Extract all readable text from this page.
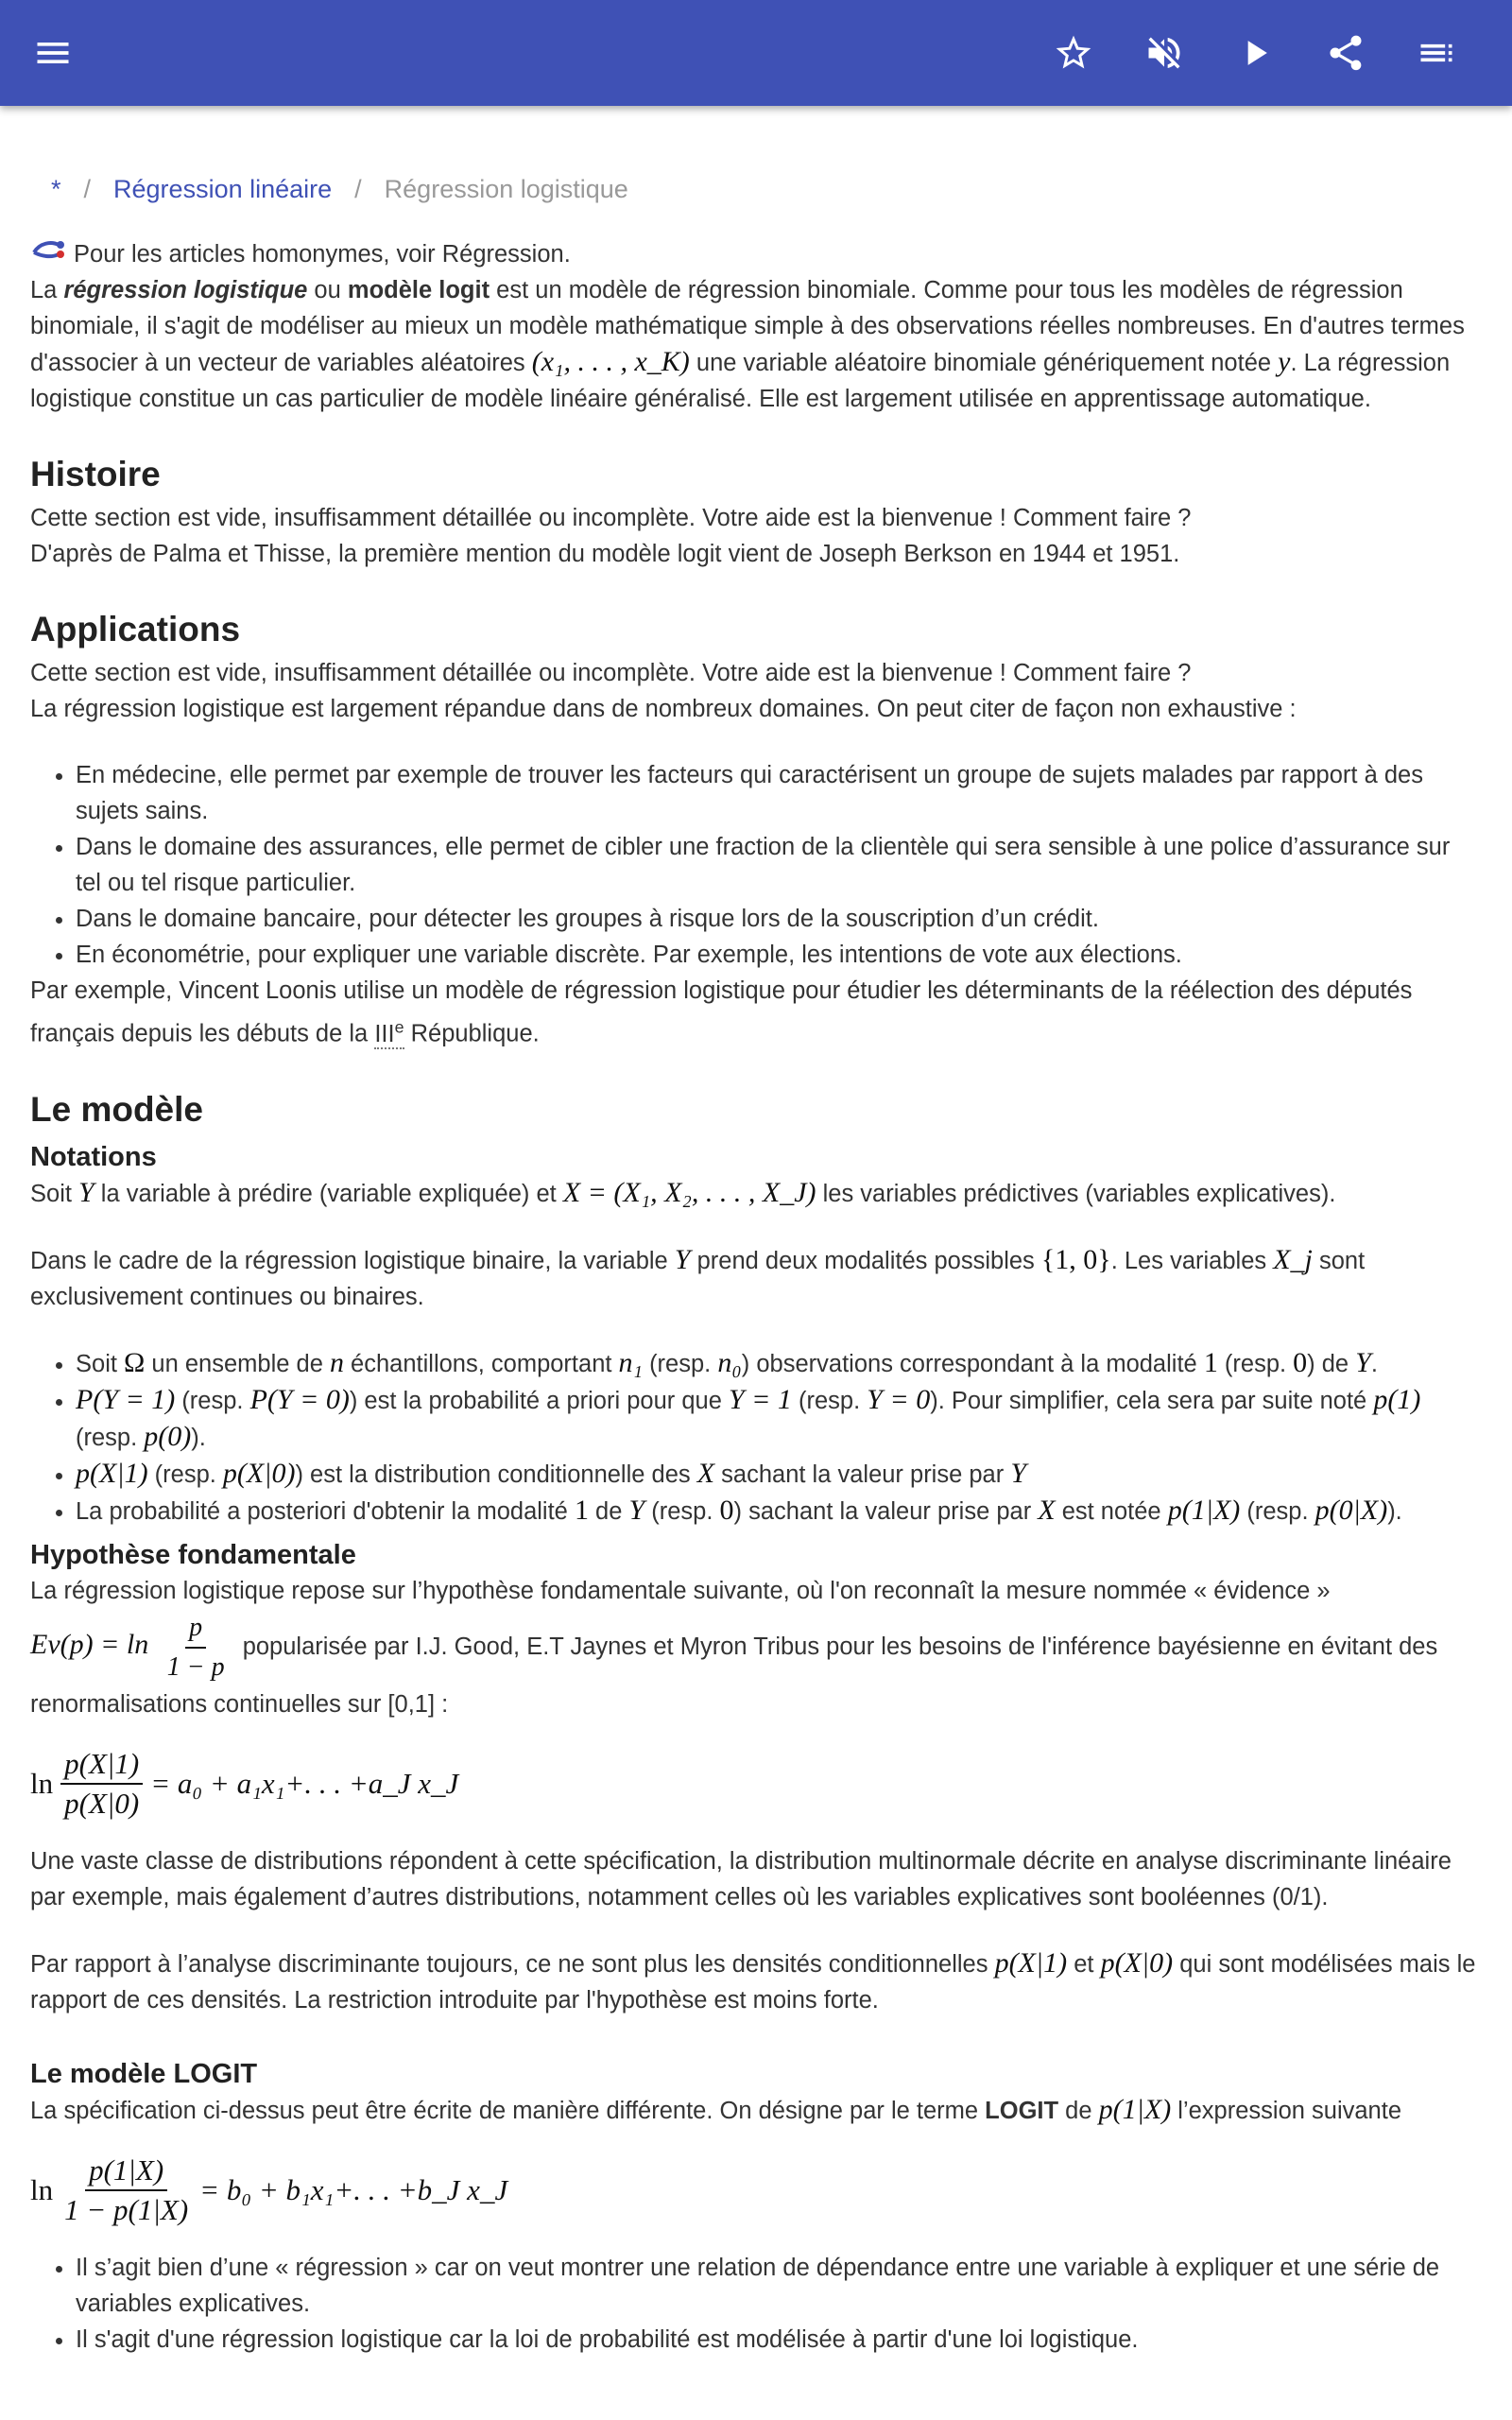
* / Régression linéaire / Régression logistique

Pour les articles homonymes, voir Régression.

La régression logistique ou modèle logit est un modèle de régression binomiale. Comme pour tous les modèles de régression binomiale, il s'agit de modéliser au mieux un modèle mathématique simple à des observations réelles nombreuses. En d'autres termes d'associer à un vecteur de variables aléatoires (x₁, . . . , x_K) une variable aléatoire binomiale génériquement notée y. La régression logistique constitue un cas particulier de modèle linéaire généralisé. Elle est largement utilisée en apprentissage automatique.

Histoire

Cette section est vide, insuffisamment détaillée ou incomplète. Votre aide est la bienvenue ! Comment faire ?

D'après de Palma et Thisse, la première mention du modèle logit vient de Joseph Berkson en 1944 et 1951.

Applications

Cette section est vide, insuffisamment détaillée ou incomplète. Votre aide est la bienvenue ! Comment faire ?

La régression logistique est largement répandue dans de nombreux domaines. On peut citer de façon non exhaustive :

• En médecine, elle permet par exemple de trouver les facteurs qui caractérisent un groupe de sujets malades par rapport à des sujets sains.
• Dans le domaine des assurances, elle permet de cibler une fraction de la clientèle qui sera sensible à une police d’assurance sur tel ou tel risque particulier.
• Dans le domaine bancaire, pour détecter les groupes à risque lors de la souscription d’un crédit.
• En économétrie, pour expliquer une variable discrète. Par exemple, les intentions de vote aux élections.

Par exemple, Vincent Loonis utilise un modèle de régression logistique pour étudier les déterminants de la réélection des députés français depuis les débuts de la IIIe République.

Le modèle
Notations

Soit Y la variable à prédire (variable expliquée) et X = (X₁, X₂, . . . , X_J) les variables prédictives (variables explicatives).

Dans le cadre de la régression logistique binaire, la variable Y prend deux modalités possibles {1, 0}. Les variables X_j sont exclusivement continues ou binaires.

• Soit Ω un ensemble de n échantillons, comportant n₁ (resp. n₀) observations correspondant à la modalité 1 (resp. 0) de Y.
• P(Y = 1) (resp. P(Y = 0)) est la probabilité a priori pour que Y = 1 (resp. Y = 0). Pour simplifier, cela sera par suite noté p(1) (resp. p(0)).
• p(X|1) (resp. p(X|0)) est la distribution conditionnelle des X sachant la valeur prise par Y
• La probabilité a posteriori d'obtenir la modalité 1 de Y (resp. 0) sachant la valeur prise par X est notée p(1|X) (resp. p(0|X)).
Hypothèse fondamentale

La régression logistique repose sur l’hypothèse fondamentale suivante, où l'on reconnaît la mesure nommée « évidence »

$Ev(p) = \ln \frac{p}{1 - p}$ popularisée par I.J. Good, E.T Jaynes et Myron Tribus pour les besoins de l'inférence bayésienne en évitant des renormalisations continuelles sur [0,1] :

$\ln \frac{p(X|1)}{p(X|0)} = a_0 + a_1x_1+$. . . +a_J x_J

Une vaste classe de distributions répondent à cette spécification, la distribution multinormale décrite en analyse discriminante linéaire par exemple, mais également d’autres distributions, notamment celles où les variables explicatives sont booléennes (0/1).

Par rapport à l’analyse discriminante toujours, ce ne sont plus les densités conditionnelles p(X|1) et p(X|0) qui sont modélisées mais le rapport de ces densités. La restriction introduite par l'hypothèse est moins forte.

Le modèle LOGIT

La spécification ci-dessus peut être écrite de manière différente. On désigne par le terme LOGIT de p(1|X) l’expression suivante

$\ln \frac{p(1|X)}{1 - p(1|X)} = b_0 + b_1x_1+$. . . +b_J x_J
• Il s’agit bien d’une « régression » car on veut montrer une relation de dépendance entre une variable à expliquer et une série de variables explicatives.
• Il s'agit d'une régression logistique car la loi de probabilité est modélisée à partir d'une loi logistique.
